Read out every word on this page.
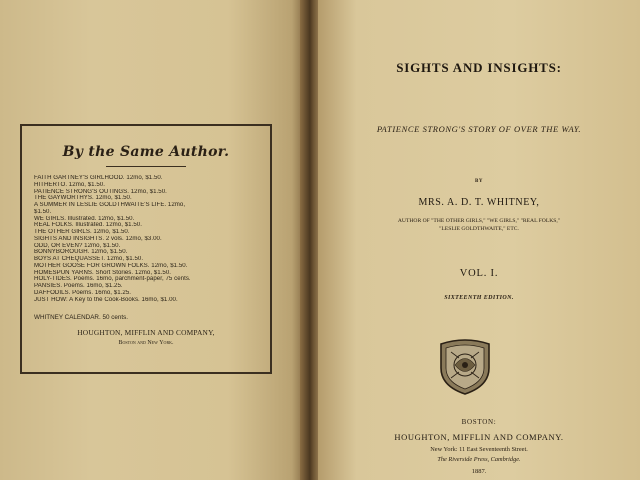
By the Same Author.
FAITH GARTNEY'S GIRLHOOD. 12mo, $1.50.
HITHERTO. 12mo, $1.50.
PATIENCE STRONG'S OUTINGS. 12mo, $1.50.
THE GAYWORTHYS. 12mo, $1.50.
A SUMMER IN LESLIE GOLDTHWAITE'S LIFE. 12mo,
$1.50.
WE GIRLS. Illustrated. 12mo, $1.50.
REAL FOLKS. Illustrated. 12mo, $1.50.
THE OTHER GIRLS. 12mo, $1.50.
SIGHTS AND INSIGHTS. 2 vols. 12mo, $3.00.
ODD, OR EVEN? 12mo, $1.50.
BONNYBOROUGH. 12mo, $1.50.
BOYS AT CHEQUASSET. 12mo, $1.50.
MOTHER GOOSE FOR GROWN FOLKS. 12mo, $1.50.
HOMESPUN YARNS. Short Stories. 12mo, $1.50.
HOLY-TIDES. Poems. 16mo, parchment-paper, 75 cents.
PANSIES. Poems. 16mo, $1.25.
DAFFODILS. Poems. 16mo, $1.25.
JUST HOW: A Key to the Cook-Books. 16mo, $1.00.
WHITNEY CALENDAR. 50 cents.
HOUGHTON, MIFFLIN AND COMPANY,
Boston and New York.
SIGHTS AND INSIGHTS:
PATIENCE STRONG'S STORY OF OVER THE WAY.
BY
MRS. A. D. T. WHITNEY,
AUTHOR OF "THE OTHER GIRLS," "WE GIRLS," "REAL FOLKS,"
"LESLIE GOLDTHWAITE," ETC.
VOL. I.
SIXTEENTH EDITION.
BOSTON:
HOUGHTON, MIFFLIN AND COMPANY.
New York: 11 East Seventeenth Street.
The Riverside Press, Cambridge.
1887.
